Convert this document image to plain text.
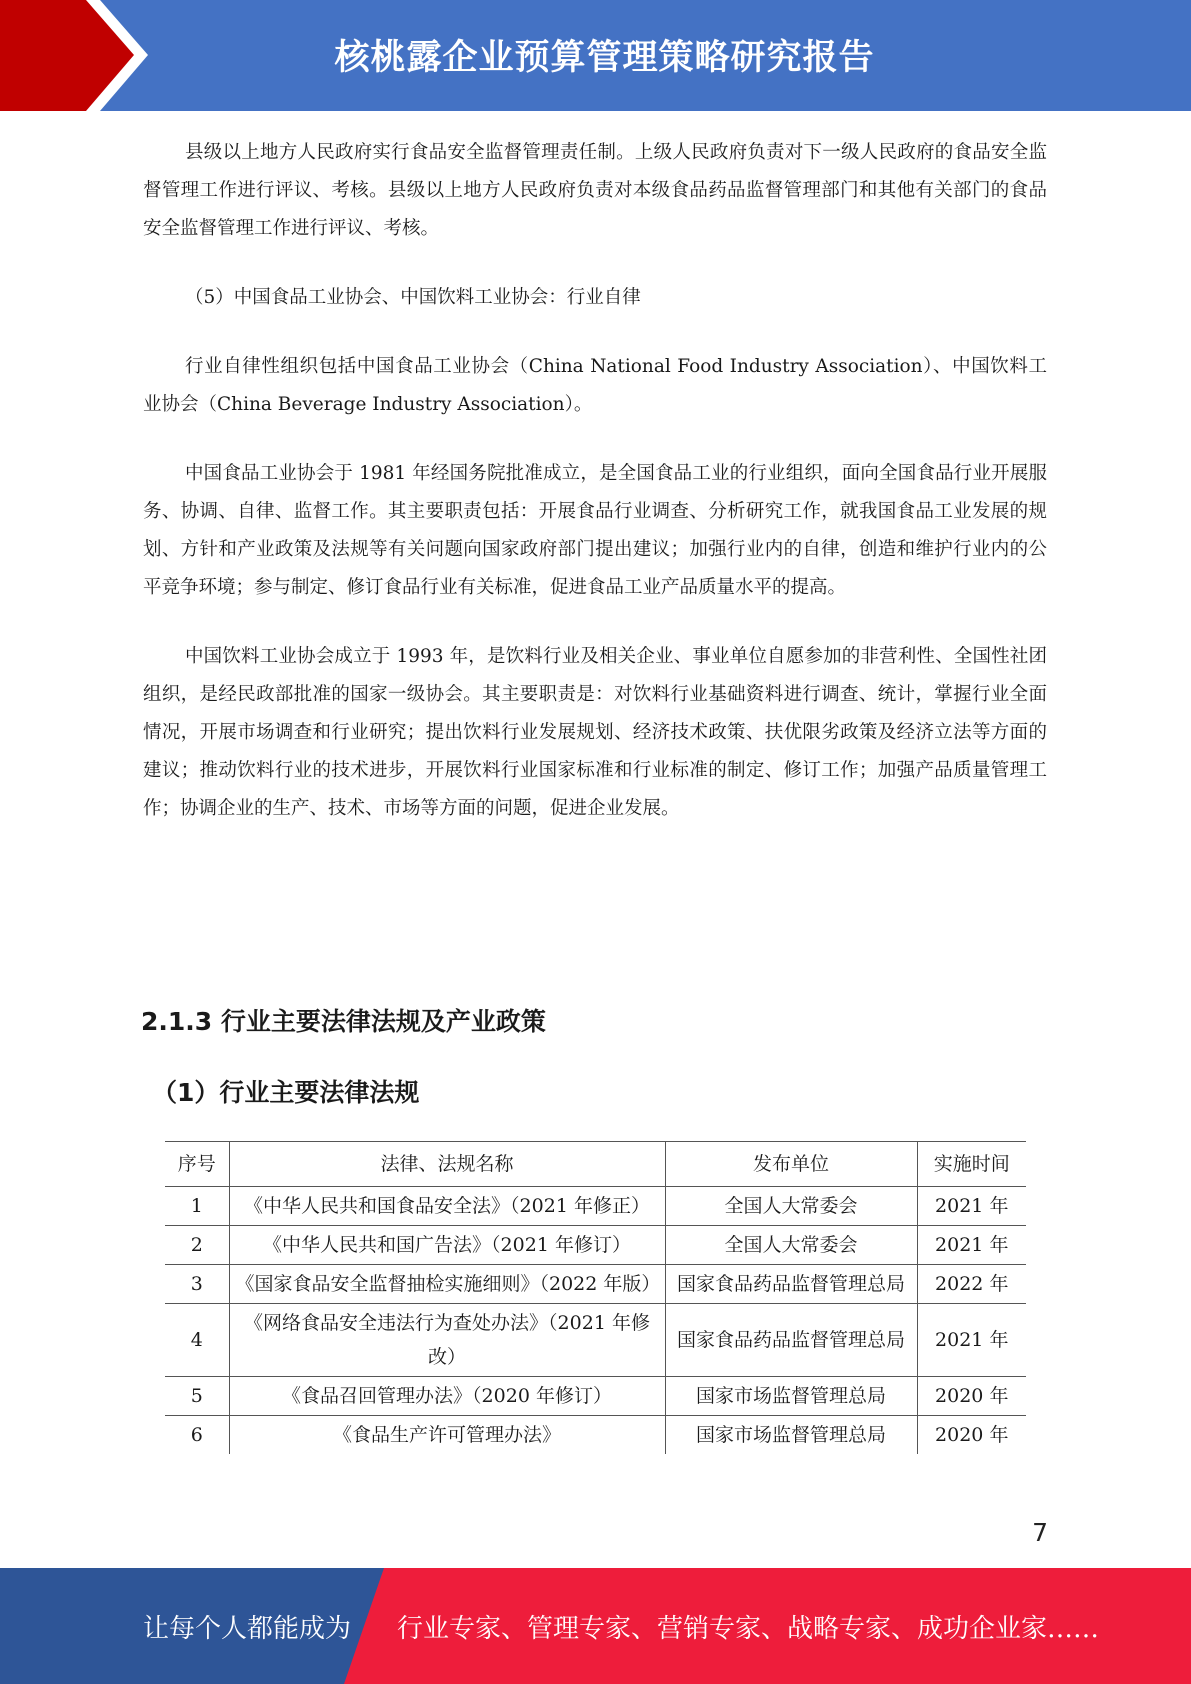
核桃露企业预算管理策略研究报告

县级以上地方人民政府实行食品安全监督管理责任制。上级人民政府负责对下一级人民政府的食品安全监督管理工作进行评议、考核。县级以上地方人民政府负责对本级食品药品监督管理部门和其他有关部门的食品安全监督管理工作进行评议、考核。

（5）中国食品工业协会、中国饮料工业协会：行业自律

行业自律性组织包括中国食品工业协会（China National Food Industry Association）、中国饮料工业协会（China Beverage Industry Association）。

中国食品工业协会于 1981 年经国务院批准成立，是全国食品工业的行业组织，面向全国食品行业开展服务、协调、自律、监督工作。其主要职责包括：开展食品行业调查、分析研究工作，就我国食品工业发展的规划、方针和产业政策及法规等有关问题向国家政府部门提出建议；加强行业内的自律，创造和维护行业内的公平竞争环境；参与制定、修订食品行业有关标准，促进食品工业产品质量水平的提高。

中国饮料工业协会成立于 1993 年，是饮料行业及相关企业、事业单位自愿参加的非营利性、全国性社团组织，是经民政部批准的国家一级协会。其主要职责是：对饮料行业基础资料进行调查、统计，掌握行业全面情况，开展市场调查和行业研究；提出饮料行业发展规划、经济技术政策、扶优限劣政策及经济立法等方面的建议；推动饮料行业的技术进步，开展饮料行业国家标准和行业标准的制定、修订工作；加强产品质量管理工作；协调企业的生产、技术、市场等方面的问题，促进企业发展。

2.1.3 行业主要法律法规及产业政策
（1）行业主要法律法规
序号	法律、法规名称	发布单位	实施时间
1	《中华人民共和国食品安全法》（2021 年修正）	全国人大常委会	2021 年
2	《中华人民共和国广告法》（2021 年修订）	全国人大常委会	2021 年
3	《国家食品安全监督抽检实施细则》（2022 年版）	国家食品药品监督管理总局	2022 年
4	《网络食品安全违法行为查处办法》（2021 年修改）	国家食品药品监督管理总局	2021 年
5	《食品召回管理办法》（2020 年修订）	国家市场监督管理总局	2020 年
6	《食品生产许可管理办法》	国家市场监督管理总局	2020 年
7
让每个人都能成为 行业专家、管理专家、营销专家、战略专家、成功企业家……
